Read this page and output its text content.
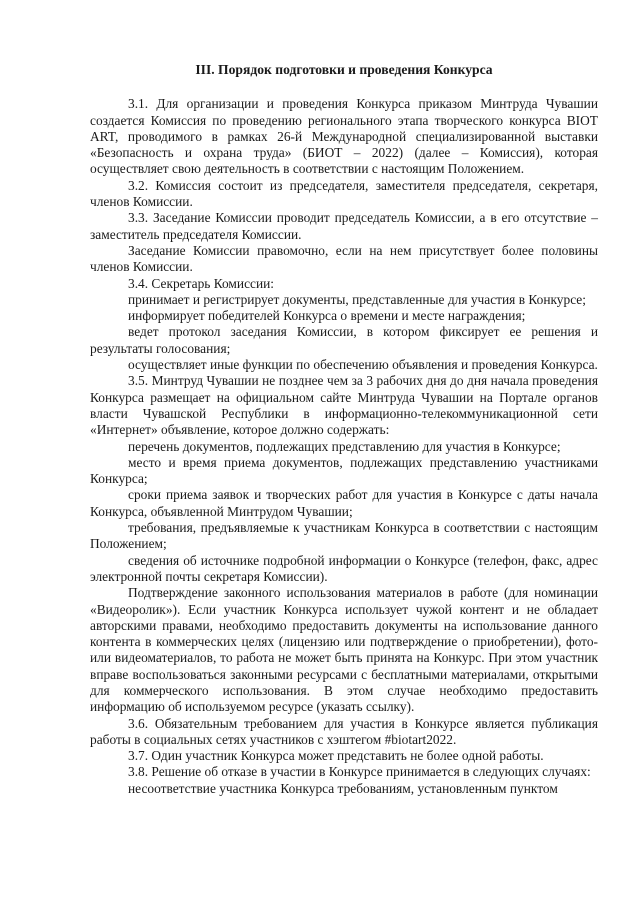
III. Порядок подготовки и проведения Конкурса

3.1. Для организации и проведения Конкурса приказом Минтруда Чувашии создается Комиссия по проведению регионального этапа творческого конкурса BIOT ART, проводимого в рамках 26-й Международной специализированной выставки «Безопасность и охрана труда» (БИОТ – 2022) (далее – Комиссия), которая осуществляет свою деятельность в соответствии с настоящим Положением.

3.2. Комиссия состоит из председателя, заместителя председателя, секретаря, членов Комиссии.

3.3. Заседание Комиссии проводит председатель Комиссии, а в его отсутствие – заместитель председателя Комиссии.

Заседание Комиссии правомочно, если на нем присутствует более половины членов Комиссии.

3.4. Секретарь Комиссии:

принимает и регистрирует документы, представленные для участия в Конкурсе;

информирует победителей Конкурса о времени и месте награждения;

ведет протокол заседания Комиссии, в котором фиксирует ее решения и результаты голосования;

осуществляет иные функции по обеспечению объявления и проведения Конкурса.

3.5. Минтруд Чувашии не позднее чем за 3 рабочих дня до дня начала проведения Конкурса размещает на официальном сайте Минтруда Чувашии на Портале органов власти Чувашской Республики в информационно-телекоммуникационной сети «Интернет» объявление, которое должно содержать:

перечень документов, подлежащих представлению для участия в Конкурсе;

место и время приема документов, подлежащих представлению участниками Конкурса;

сроки приема заявок и творческих работ для участия в Конкурсе с даты начала Конкурса, объявленной Минтрудом Чувашии;

требования, предъявляемые к участникам Конкурса в соответствии с настоящим Положением;

сведения об источнике подробной информации о Конкурсе (телефон, факс, адрес электронной почты секретаря Комиссии).

Подтверждение законного использования материалов в работе (для номинации «Видеоролик»). Если участник Конкурса использует чужой контент и не обладает авторскими правами, необходимо предоставить документы на использование данного контента в коммерческих целях (лицензию или подтверждение о приобретении), фото- или видеоматериалов, то работа не может быть принята на Конкурс. При этом участник вправе воспользоваться законными ресурсами с бесплатными материалами, открытыми для коммерческого использования. В этом случае необходимо предоставить информацию об используемом ресурсе (указать ссылку).

3.6. Обязательным требованием для участия в Конкурсе является публикация работы в социальных сетях участников с хэштегом #biotart2022.

3.7. Один участник Конкурса может представить не более одной работы.

3.8. Решение об отказе в участии в Конкурсе принимается в следующих случаях:

несоответствие участника Конкурса требованиям, установленным пунктом
